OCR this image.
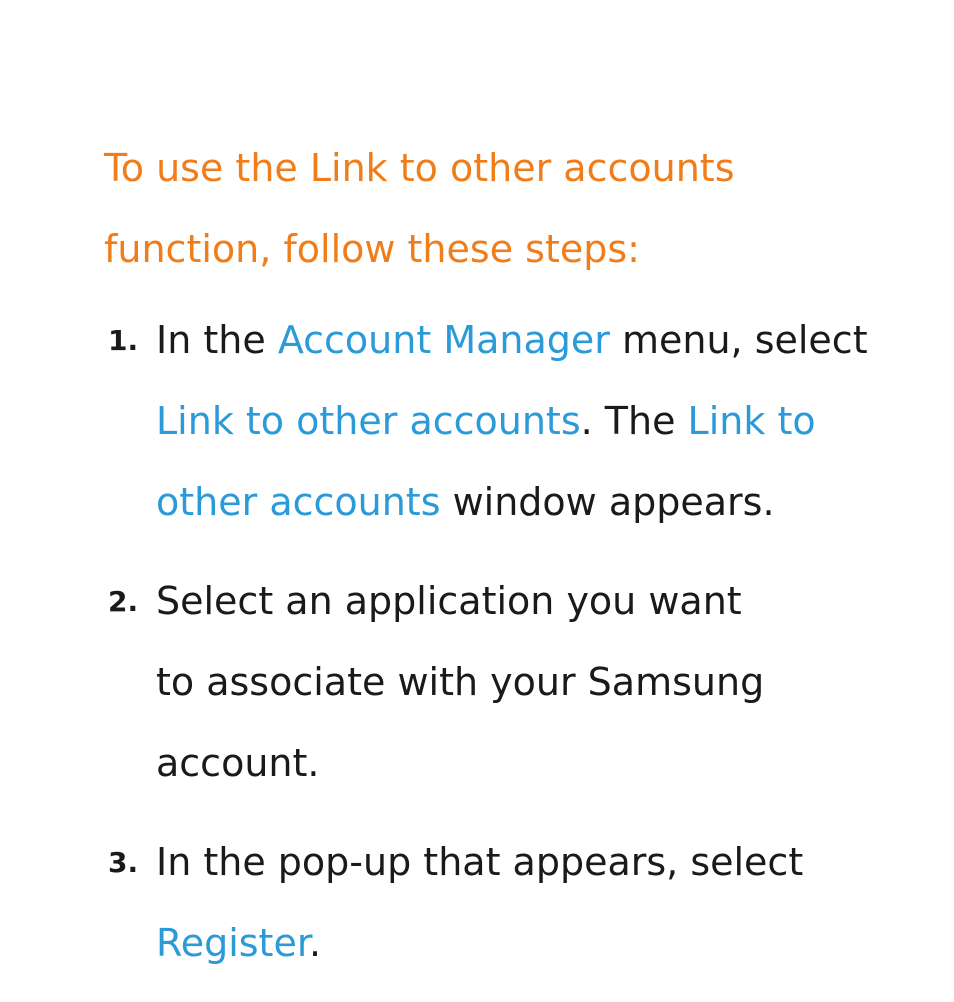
To use the Link to other accounts
function, follow these steps:

1. In the Account Manager menu, select
Link to other accounts. The Link to
other accounts window appears.
2. Select an application you want
to associate with your Samsung
account.
3. In the pop-up that appears, select
Register.
